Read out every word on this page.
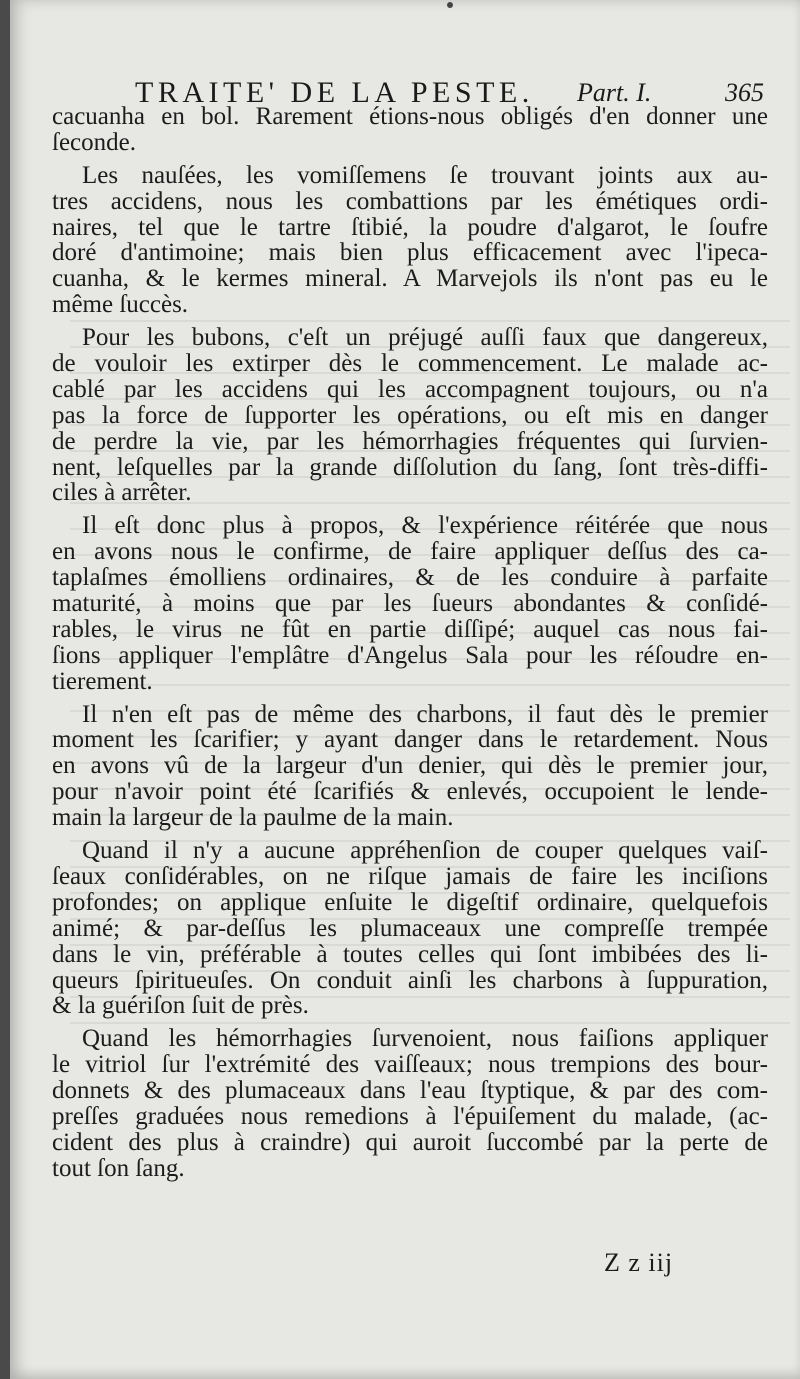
TRAITE' DE LA PESTE. Part. I.	365
cacuanha en bol. Rarement étions-nous obligés d'en donner une
ſeconde.
Les nauſées, les vomiſſemens ſe trouvant joints aux au-
tres accidens, nous les combattions par les émétiques ordi-
naires, tel que le tartre ſtibié, la poudre d'algarot, le ſoufre
doré d'antimoine; mais bien plus efficacement avec l'ipeca-
cuanha, & le kermes mineral. A Marvejols ils n'ont pas eu le
même ſuccès.
Pour les bubons, c'eſt un préjugé auſſi faux que dangereux,
de vouloir les extirper dès le commencement. Le malade ac-
cablé par les accidens qui les accompagnent toujours, ou n'a
pas la force de ſupporter les opérations, ou eſt mis en danger
de perdre la vie, par les hémorrhagies fréquentes qui ſurvien-
nent, leſquelles par la grande diſſolution du ſang, ſont très-diffi-
ciles à arrêter.
Il eſt donc plus à propos, & l'expérience réitérée que nous
en avons nous le confirme, de faire appliquer deſſus des ca-
taplaſmes émolliens ordinaires, & de les conduire à parfaite
maturité, à moins que par les ſueurs abondantes & conſidé-
rables, le virus ne fût en partie diſſipé; auquel cas nous fai-
ſions appliquer l'emplâtre d'Angelus Sala pour les réſoudre en-
tierement.
Il n'en eſt pas de même des charbons, il faut dès le premier
moment les ſcarifier; y ayant danger dans le retardement. Nous
en avons vû de la largeur d'un denier, qui dès le premier jour,
pour n'avoir point été ſcarifiés & enlevés, occupoient le lende-
main la largeur de la paulme de la main.
Quand il n'y a aucune appréhenſion de couper quelques vaiſ-
ſeaux conſidérables, on ne riſque jamais de faire les inciſions
profondes; on applique enſuite le digeſtif ordinaire, quelquefois
animé; & par-deſſus les plumaceaux une compreſſe trempée
dans le vin, préférable à toutes celles qui ſont imbibées des li-
queurs ſpiritueuſes. On conduit ainſi les charbons à ſuppuration,
& la guériſon ſuit de près.
Quand les hémorrhagies ſurvenoient, nous faiſions appliquer
le vitriol ſur l'extrémité des vaiſſeaux; nous trempions des bour-
donnets & des plumaceaux dans l'eau ſtyptique, & par des com-
preſſes graduées nous remedions à l'épuiſement du malade, (ac-
cident des plus à craindre) qui auroit ſuccombé par la perte de
tout ſon ſang.
Z z iij
